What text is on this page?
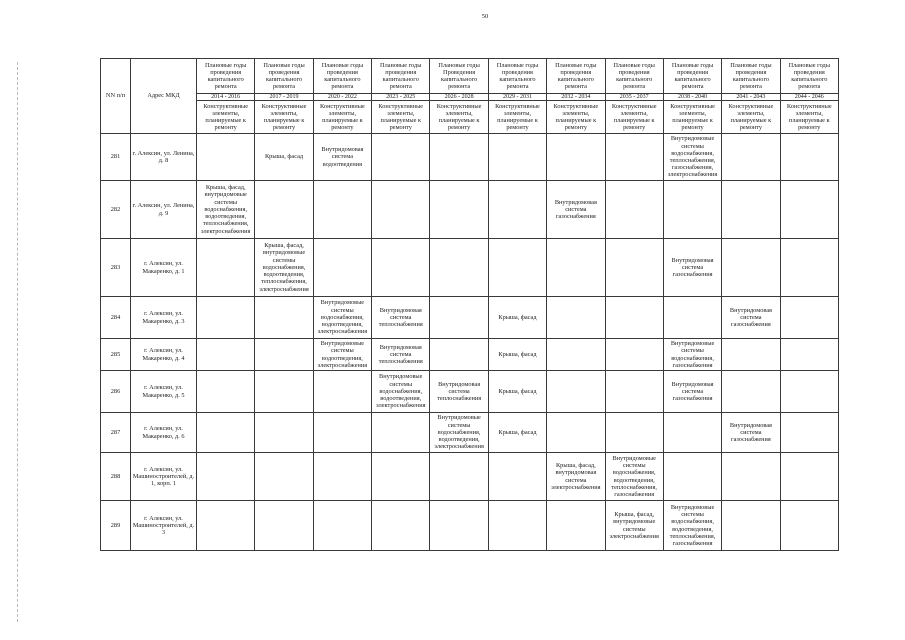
50
NN п/п	Адрес МКД	Плановые годы проведения капитального ремонта	Плановые годы проведения капитального ремонта	Плановые годы проведения капитального ремонта	Плановые годы проведения капитального ремонта	Плановые годы Проведения капитального ремонта	Плановые годы проведения капитального ремонта	Плановые годы проведения капитального ремонта	Плановые годы проведения капитального ремонта	Плановые годы проведения капитального ремонта	Плановые годы проведения капитального ремонта	Плановые годы проведения капитального ремонта
		2014 - 2016	2017 - 2019	2020 - 2022	2023 - 2025	2026 - 2028	2029 - 2031	2032 - 2034	2035 - 2037	2038 - 2040	2041 - 2043	2044 - 2046
		Конструктивные элементы, планируемые к ремонту	Конструктивные элементы, планируемые к ремонту	Конструктивные элементы, планируемые к ремонту	Конструктивные элементы, планируемые к ремонту	Конструктивные элементы, планируемые к ремонту	Конструктивные элементы, планируемые к ремонту	Конструктивные элементы, планируемые к ремонту	Конструктивные элементы, планируемые к ремонту	Конструктивные элементы, планируемые к ремонту	Конструктивные элементы, планируемые к ремонту	Конструктивные элементы, планируемые к ремонту
281	г. Алексин, ул. Ленина, д. 8		Крыша, фасад	Внутридомовая система водоотведения						Внутридомовые системы водоснабжения, теплоснабжения, газоснабжения, электроснабжения		
282	г. Алексин, ул. Ленина, д. 9	Крыша, фасад, внутридомовые системы водоснабжения, водоотведения, теплоснабжения, электроснабжения						Внутридомовая система газоснабжения				
283	г. Алексин, ул. Макаренко, д. 1		Крыша, фасад, внутридомовые системы водоснабжения, водоотведения, теплоснабжения, электроснабжения							Внутридомовая система газоснабжения		
284	г. Алексин, ул. Макаренко, д. 3			Внутридомовые системы водоснабжения, водоотведения, электроснабжения	Внутридомовая система теплоснабжения		Крыша, фасад				Внутридомовая система газоснабжения	
285	г. Алексин, ул. Макаренко, д. 4			Внутридомовые системы водоотведения, электроснабжения	Внутридомовая система теплоснабжения		Крыша, фасад			Внутридомовые системы водоснабжения, газоснабжения		
286	г. Алексин, ул. Макаренко, д. 5				Внутридомовые системы водоснабжения, водоотведения, электроснабжения	Внутридомовая система теплоснабжения	Крыша, фасад			Внутридомовая система газоснабжения		
287	г. Алексин, ул. Макаренко, д. 6					Внутридомовые системы водоснабжения, водоотведения, электроснабжения	Крыша, фасад				Внутридомовая система газоснабжения	
288	г. Алексин, ул. Машиностроителей, д. 1, корп. 1							Крыша, фасад, внутридомовая система электроснабжения	Внутридомовые системы водоснабжения, водоотведения, теплоснабжения, газоснабжения			
289	г. Алексин, ул. Машиностроителей, д. 3								Крыша, фасад, внутридомовые системы электроснабжения	Внутридомовые системы водоснабжения, водоотведения, теплоснабжения, газоснабжения		
